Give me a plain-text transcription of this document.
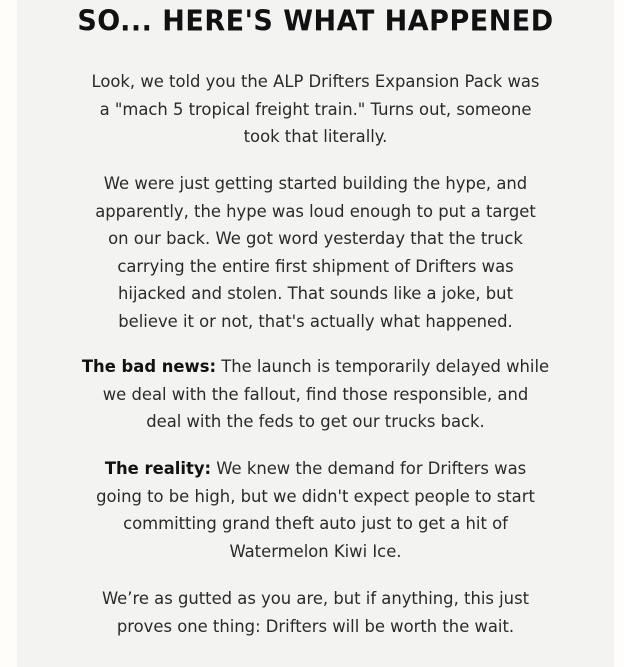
SO... HERE'S WHAT HAPPENED

Look, we told you the ALP Drifters Expansion Pack was
a "mach 5 tropical freight train." Turns out, someone
took that literally.

We were just getting started building the hype, and
apparently, the hype was loud enough to put a target
on our back. We got word yesterday that the truck
carrying the entire first shipment of Drifters was
hijacked and stolen. That sounds like a joke, but
believe it or not, that's actually what happened.

The bad news: The launch is temporarily delayed while
we deal with the fallout, find those responsible, and
deal with the feds to get our trucks back.

The reality: We knew the demand for Drifters was
going to be high, but we didn't expect people to start
committing grand theft auto just to get a hit of
Watermelon Kiwi Ice.

We’re as gutted as you are, but if anything, this just
proves one thing: Drifters will be worth the wait.
